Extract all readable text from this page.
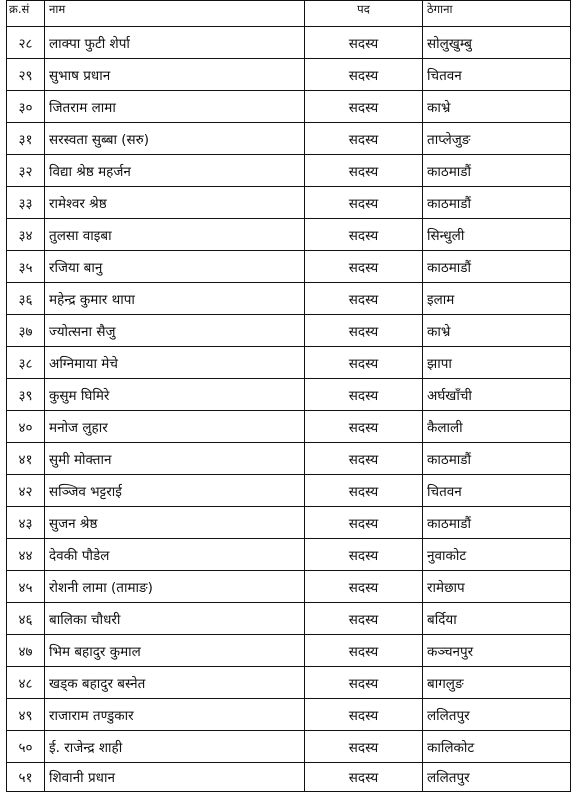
क्र.सं	नाम	पद	ठेगाना
२८	लाक्पा फुटी शेर्पा	सदस्य	सोलुखुम्बु
२९	सुभाष प्रधान	सदस्य	चितवन
३०	जितराम लामा	सदस्य	काभ्रे
३१	सरस्वता सुब्बा (सरु)	सदस्य	ताप्लेजुङ
३२	विद्या श्रेष्ठ महर्जन	सदस्य	काठमाडौं
३३	रामेश्वर श्रेष्ठ	सदस्य	काठमाडौं
३४	तुलसा वाइबा	सदस्य	सिन्धुली
३५	रजिया बानु	सदस्य	काठमाडौं
३६	महेन्द्र कुमार थापा	सदस्य	इलाम
३७	ज्योत्सना सैजु	सदस्य	काभ्रे
३८	अग्निमाया मेचे	सदस्य	झापा
३९	कुसुम घिमिरे	सदस्य	अर्घखाँची
४०	मनोज लुहार	सदस्य	कैलाली
४१	सुमी मोक्तान	सदस्य	काठमाडौं
४२	सञ्जिव भट्टराई	सदस्य	चितवन
४३	सुजन श्रेष्ठ	सदस्य	काठमाडौं
४४	देवकी पौडेल	सदस्य	नुवाकोट
४५	रोशनी लामा (तामाङ)	सदस्य	रामेछाप
४६	बालिका चौधरी	सदस्य	बर्दिया
४७	भिम बहादुर कुमाल	सदस्य	कञ्चनपुर
४८	खड्क बहादुर बस्नेत	सदस्य	बागलुङ
४९	राजाराम तण्डुकार	सदस्य	ललितपुर
५०	ई. राजेन्द्र शाही	सदस्य	कालिकोट
५१	शिवानी प्रधान	सदस्य	ललितपुर
